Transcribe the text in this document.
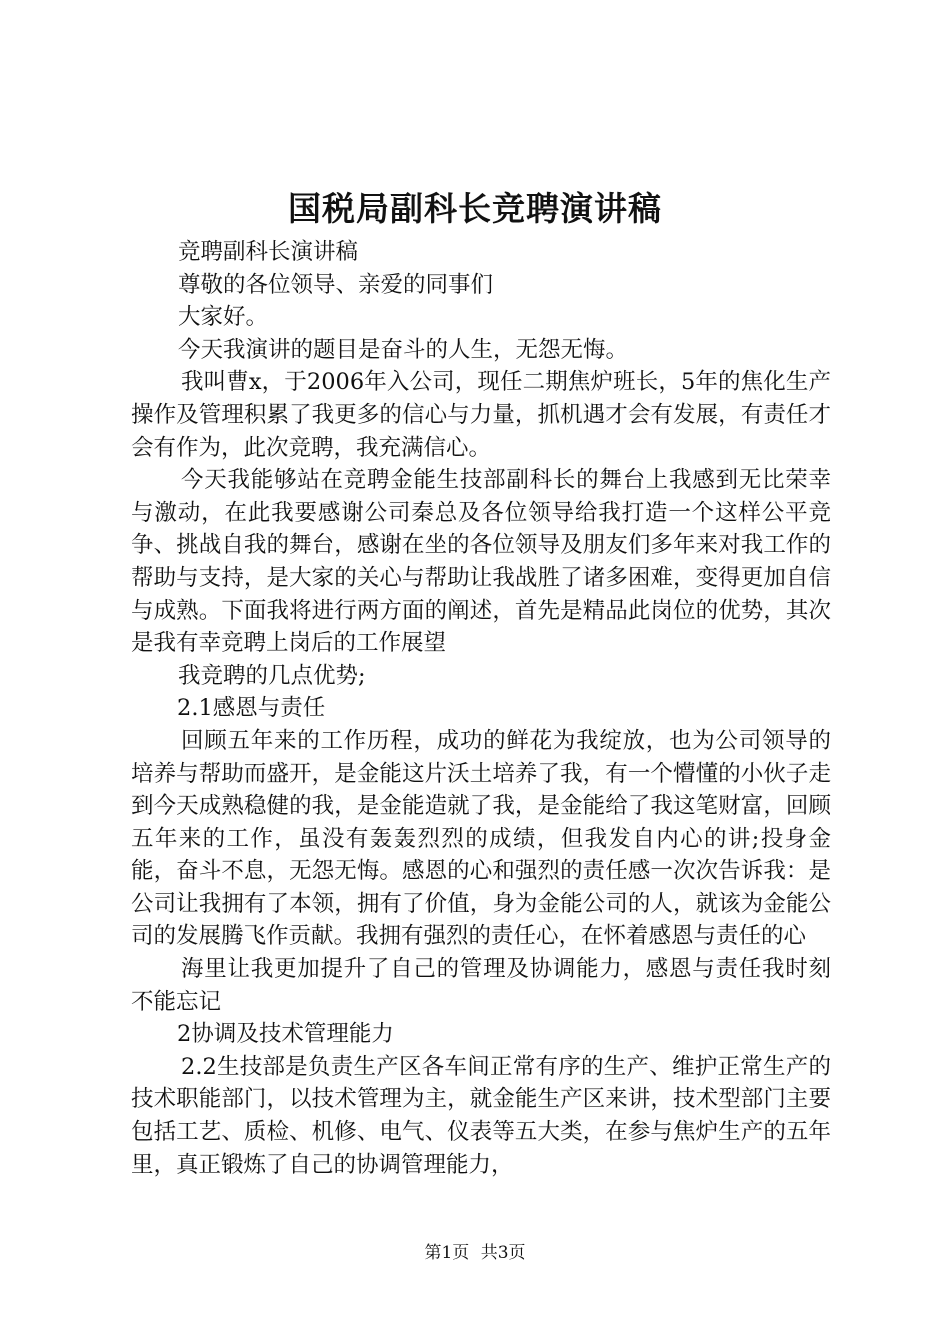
国税局副科长竞聘演讲稿

竞聘副科长演讲稿

尊敬的各位领导、亲爱的同事们

大家好。

今天我演讲的题目是奋斗的人生，无怨无悔。

我叫曹x，于2006年入公司，现任二期焦炉班长，5年的焦化生产操作及管理积累了我更多的信心与力量，抓机遇才会有发展，有责任才会有作为，此次竞聘，我充满信心。

今天我能够站在竞聘金能生技部副科长的舞台上我感到无比荣幸与激动，在此我要感谢公司秦总及各位领导给我打造一个这样公平竞争、挑战自我的舞台，感谢在坐的各位领导及朋友们多年来对我工作的帮助与支持，是大家的关心与帮助让我战胜了诸多困难，变得更加自信与成熟。下面我将进行两方面的阐述，首先是精品此岗位的优势，其次是我有幸竞聘上岗后的工作展望

我竞聘的几点优势;

2.1感恩与责任

回顾五年来的工作历程，成功的鲜花为我绽放，也为公司领导的培养与帮助而盛开，是金能这片沃土培养了我，有一个懵懂的小伙子走到今天成熟稳健的我，是金能造就了我，是金能给了我这笔财富，回顾五年来的工作，虽没有轰轰烈烈的成绩，但我发自内心的讲;投身金能，奋斗不息，无怨无悔。感恩的心和强烈的责任感一次次告诉我：是公司让我拥有了本领，拥有了价值，身为金能公司的人，就该为金能公司的发展腾飞作贡献。我拥有强烈的责任心，在怀着感恩与责任的心

海里让我更加提升了自己的管理及协调能力，感恩与责任我时刻不能忘记

2协调及技术管理能力

2.2生技部是负责生产区各车间正常有序的生产、维护正常生产的技术职能部门，以技术管理为主，就金能生产区来讲，技术型部门主要包括工艺、质检、机修、电气、仪表等五大类，在参与焦炉生产的五年里，真正锻炼了自己的协调管理能力，

第1页 共3页
